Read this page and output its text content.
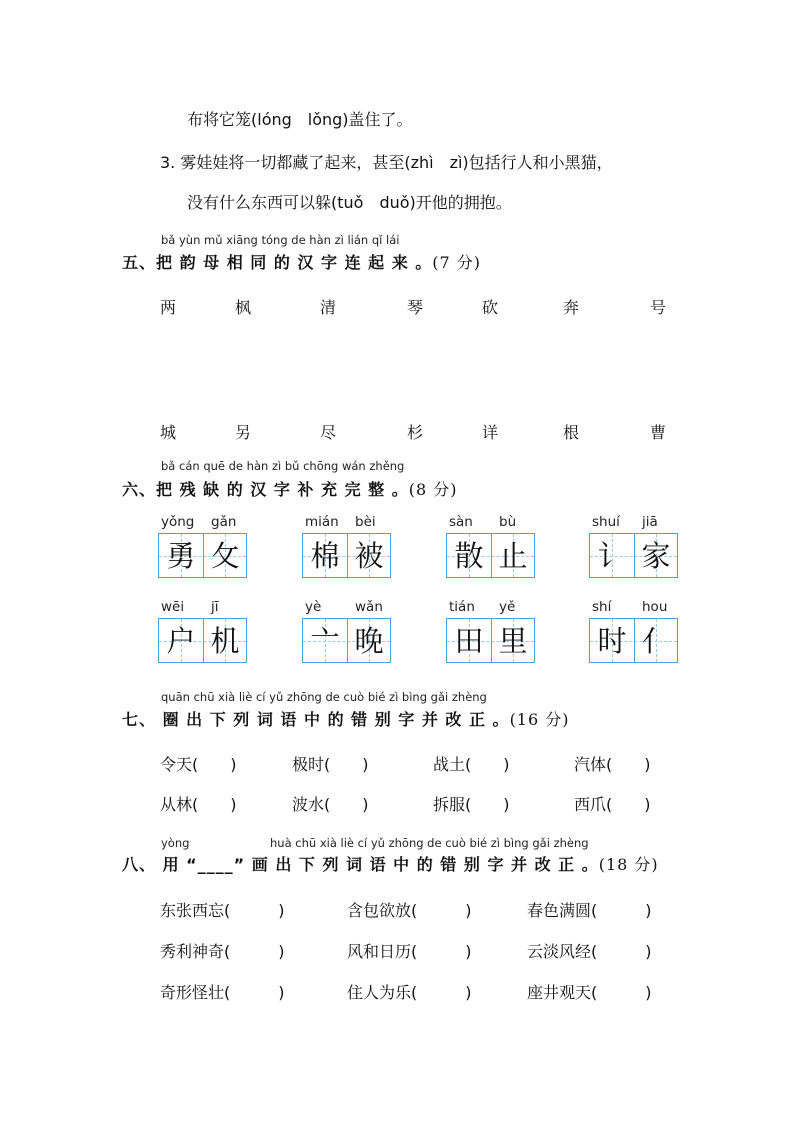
布将它笼(lóng　lǒng)盖住了。
3. 雾娃娃将一切都藏了起来，甚至(zhì　zì)包括行人和小黑猫，
没有什么东西可以躲(tuǒ　duǒ)开他的拥抱。
bǎ yùn mǔ xiāng tóng de hàn zì lián qǐ lái
五、把 韵 母 相 同 的 汉 字 连 起 来 。(7 分)
两	枫	清	琴	砍	奔	号
城	另	尽	杉	详	根	曹
bǎ cán quē de hàn zì bǔ chōng wán zhěng
六、把 残 缺 的 汉 字 补 充 完 整 。(8 分)
yǒng gǎn
勇 攵
mián bèi
棉 被
sàn bù
散 止
shuí jiā
讠 家
wēi jī
户 机
yè wǎn
亠 晚
tián yě
田 里
shí hou
时 亻
quān chū xià liè cí yǔ zhōng de cuò bié zì bìng gǎi zhèng
七、 圈 出 下 列 词 语 中 的 错 别 字 并 改 正 。(16 分)
令天(　　)	极时(　　)	战土(　　)	汽体(　　)
从林(　　)	波水(　　)	拆服(　　)	西爪(　　)
yòng	huà chū xià liè cí yǔ zhōng de cuò bié zì bìng gǎi zhèng
八、 用 “____” 画 出 下 列 词 语 中 的 错 别 字 并 改 正 。(18 分)
东张西忘(　　　)	含包欲放(　　　)	春色满圆(　　　)
秀利神奇(　　　)	风和日历(　　　)	云淡风经(　　　)
奇形怪壮(　　　)	住人为乐(　　　)	座井观天(　　　)
